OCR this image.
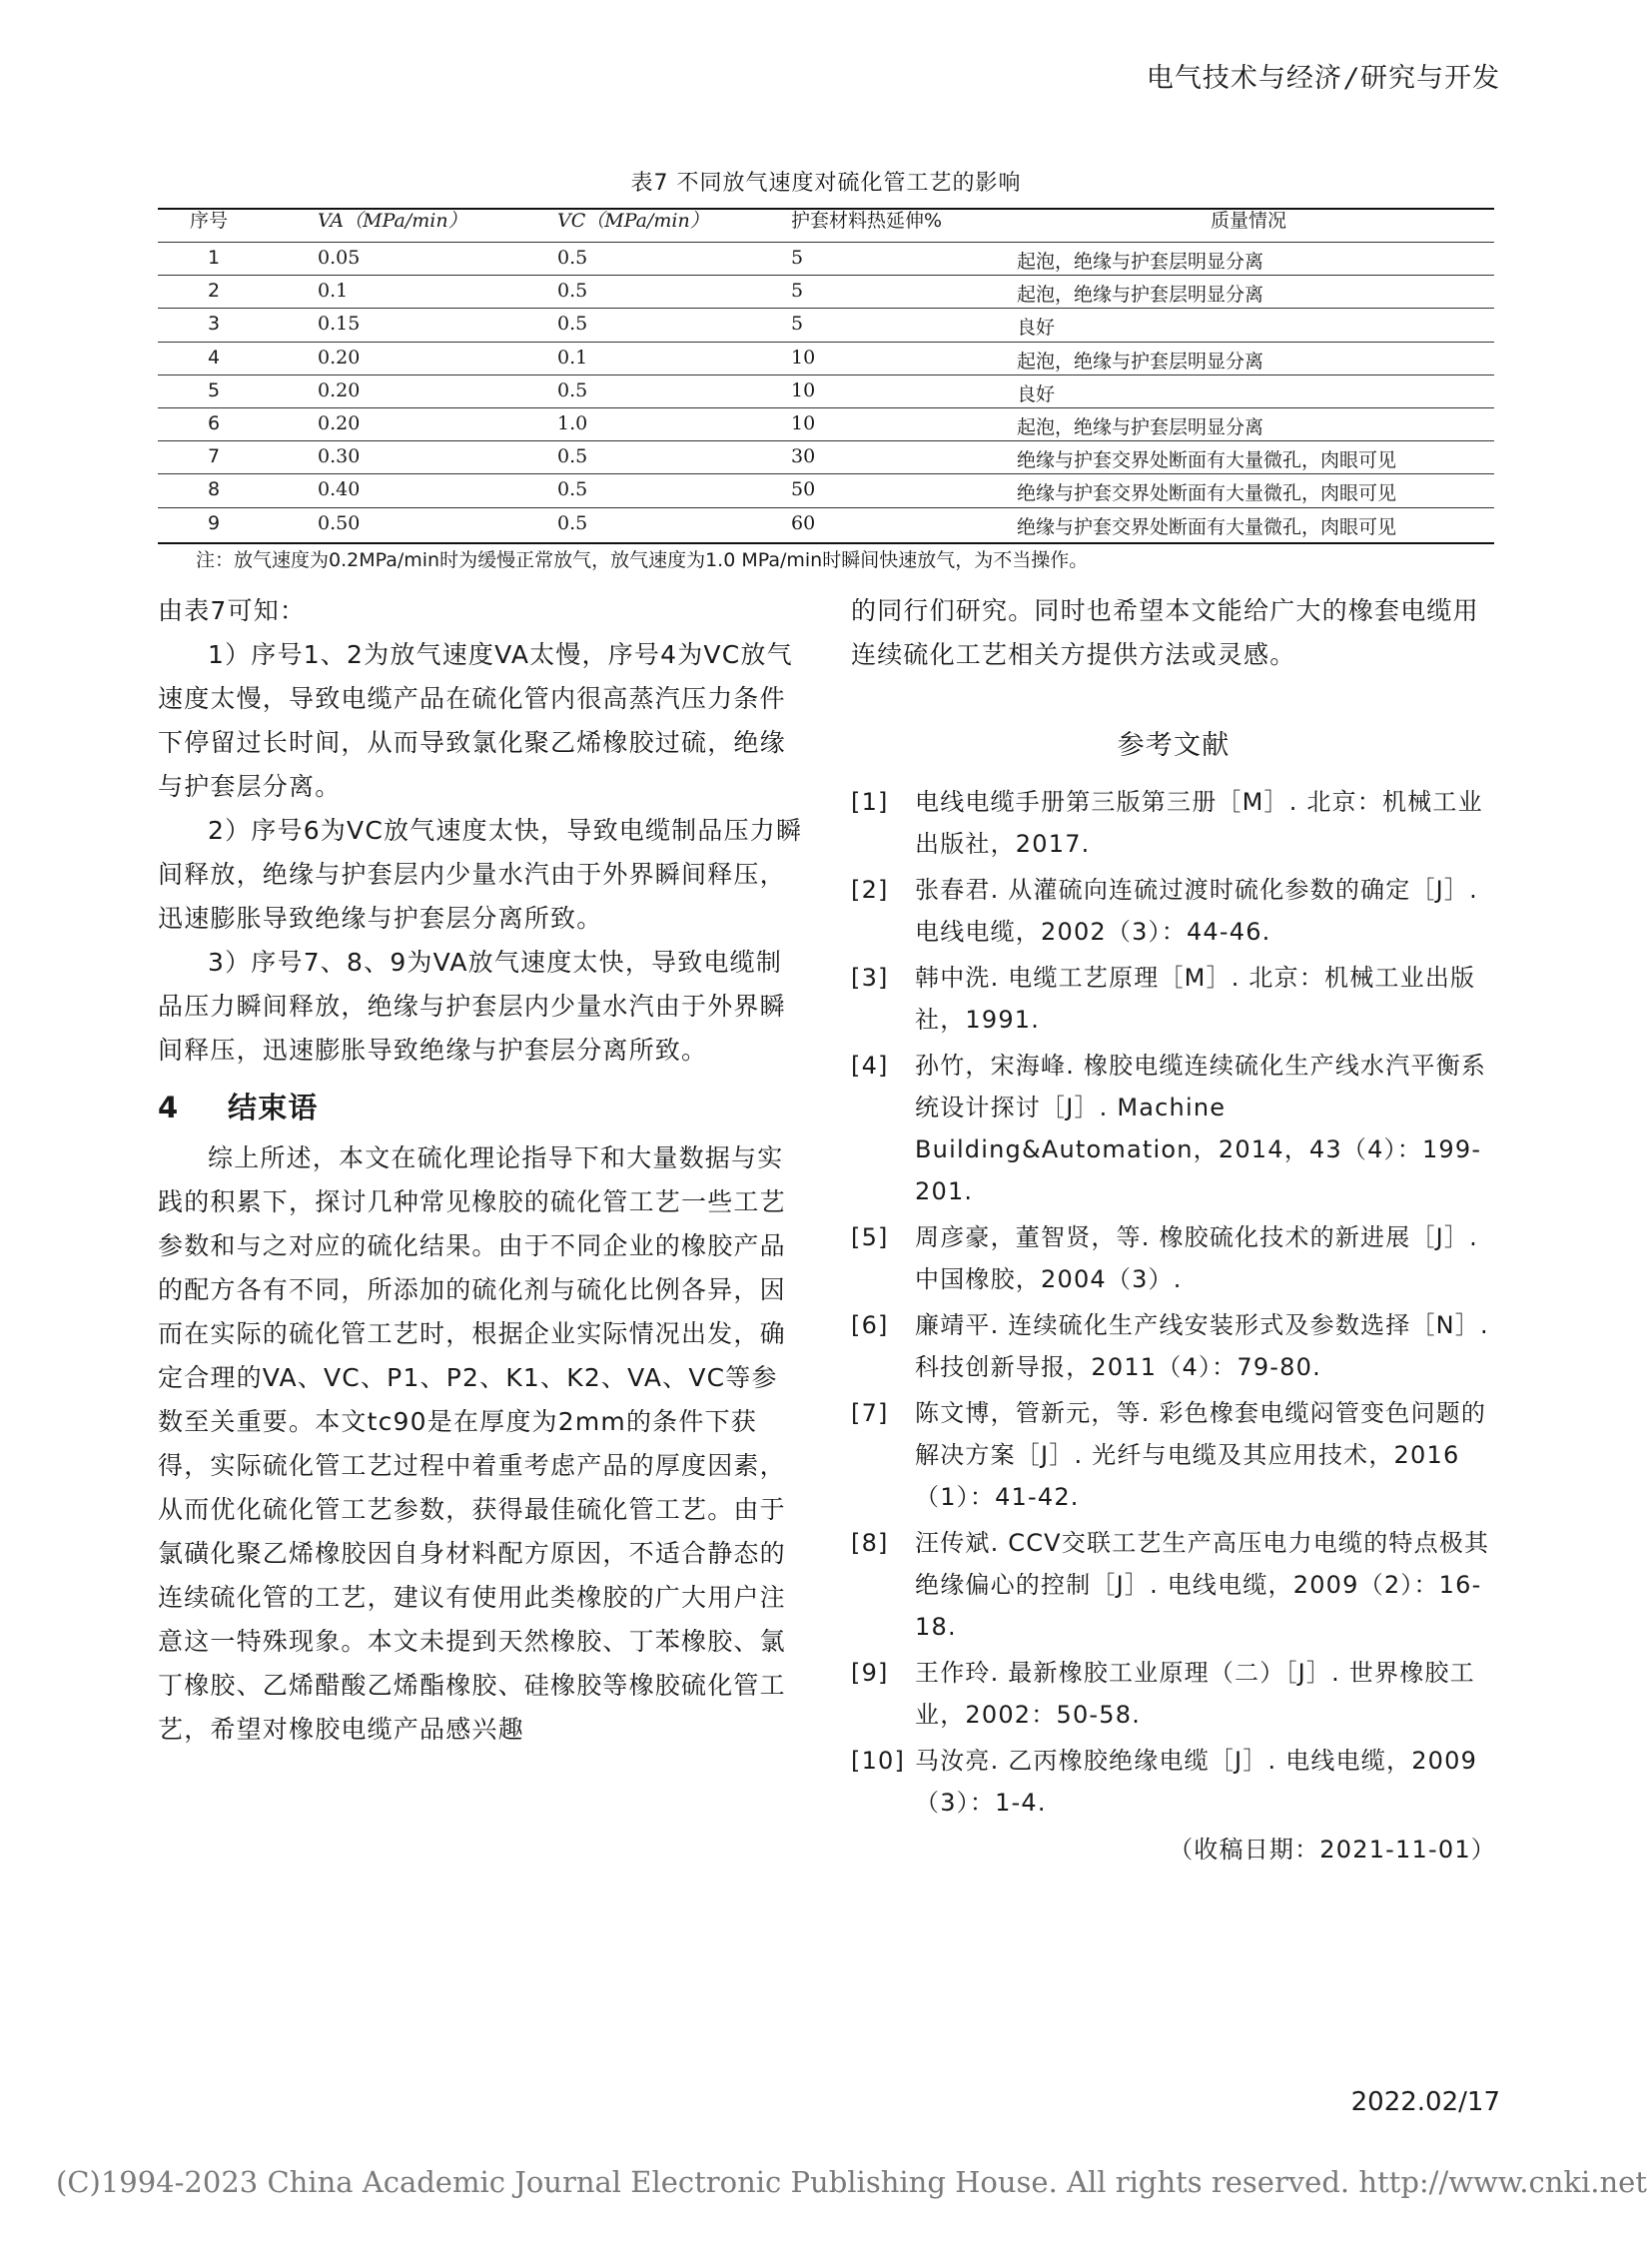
电气技术与经济 / 研究与开发
表7 不同放气速度对硫化管工艺的影响
序号	VA（MPa/min）	VC（MPa/min）	护套材料热延伸%	质量情况
1	0.05	0.5	5	起泡，绝缘与护套层明显分离
2	0.1	0.5	5	起泡，绝缘与护套层明显分离
3	0.15	0.5	5	良好
4	0.20	0.1	10	起泡，绝缘与护套层明显分离
5	0.20	0.5	10	良好
6	0.20	1.0	10	起泡，绝缘与护套层明显分离
7	0.30	0.5	30	绝缘与护套交界处断面有大量微孔，肉眼可见
8	0.40	0.5	50	绝缘与护套交界处断面有大量微孔，肉眼可见
9	0.50	0.5	60	绝缘与护套交界处断面有大量微孔，肉眼可见
注：放气速度为0.2MPa/min时为缓慢正常放气，放气速度为1.0 MPa/min时瞬间快速放气，为不当操作。

由表7可知：

1）序号1、2为放气速度VA太慢，序号4为VC放气速度太慢，导致电缆产品在硫化管内很高蒸汽压力条件下停留过长时间，从而导致氯化聚乙烯橡胶过硫，绝缘与护套层分离。

2）序号6为VC放气速度太快，导致电缆制品压力瞬间释放，绝缘与护套层内少量水汽由于外界瞬间释压，迅速膨胀导致绝缘与护套层分离所致。

3）序号7、8、9为VA放气速度太快，导致电缆制品压力瞬间释放，绝缘与护套层内少量水汽由于外界瞬间释压，迅速膨胀导致绝缘与护套层分离所致。

4 结束语

综上所述，本文在硫化理论指导下和大量数据与实践的积累下，探讨几种常见橡胶的硫化管工艺一些工艺参数和与之对应的硫化结果。由于不同企业的橡胶产品的配方各有不同，所添加的硫化剂与硫化比例各异，因而在实际的硫化管工艺时，根据企业实际情况出发，确定合理的VA、VC、P1、P2、K1、K2、VA、VC等参数至关重要。本文tc90是在厚度为2mm的条件下获得，实际硫化管工艺过程中着重考虑产品的厚度因素，从而优化硫化管工艺参数，获得最佳硫化管工艺。由于氯磺化聚乙烯橡胶因自身材料配方原因，不适合静态的连续硫化管的工艺，建议有使用此类橡胶的广大用户注意这一特殊现象。本文未提到天然橡胶、丁苯橡胶、氯丁橡胶、乙烯醋酸乙烯酯橡胶、硅橡胶等橡胶硫化管工艺，希望对橡胶电缆产品感兴趣

的同行们研究。同时也希望本文能给广大的橡套电缆用连续硫化工艺相关方提供方法或灵感。

参考文献
[1] 电线电缆手册第三版第三册［M］. 北京：机械工业出版社，2017.
[2] 张春君. 从灌硫向连硫过渡时硫化参数的确定［J］. 电线电缆，2002（3）：44-46.
[3] 韩中洗. 电缆工艺原理［M］. 北京：机械工业出版社，1991.
[4] 孙竹，宋海峰. 橡胶电缆连续硫化生产线水汽平衡系统设计探讨［J］. Machine Building&Automation，2014，43（4）：199-201.
[5] 周彦豪，董智贤，等. 橡胶硫化技术的新进展［J］. 中国橡胶，2004（3）.
[6] 廉靖平. 连续硫化生产线安装形式及参数选择［N］. 科技创新导报，2011（4）：79-80.
[7] 陈文博，管新元，等. 彩色橡套电缆闷管变色问题的解决方案［J］. 光纤与电缆及其应用技术，2016（1）：41-42.
[8] 汪传斌. CCV交联工艺生产高压电力电缆的特点极其绝缘偏心的控制［J］. 电线电缆，2009（2）：16-18.
[9] 王作玲. 最新橡胶工业原理（二）［J］. 世界橡胶工业，2002：50-58.
[10] 马汝亮. 乙丙橡胶绝缘电缆［J］. 电线电缆，2009（3）：1-4.
（收稿日期：2021-11-01）
2022.02/17
(C)1994-2023 China Academic Journal Electronic Publishing House. All rights reserved. http://www.cnki.net
